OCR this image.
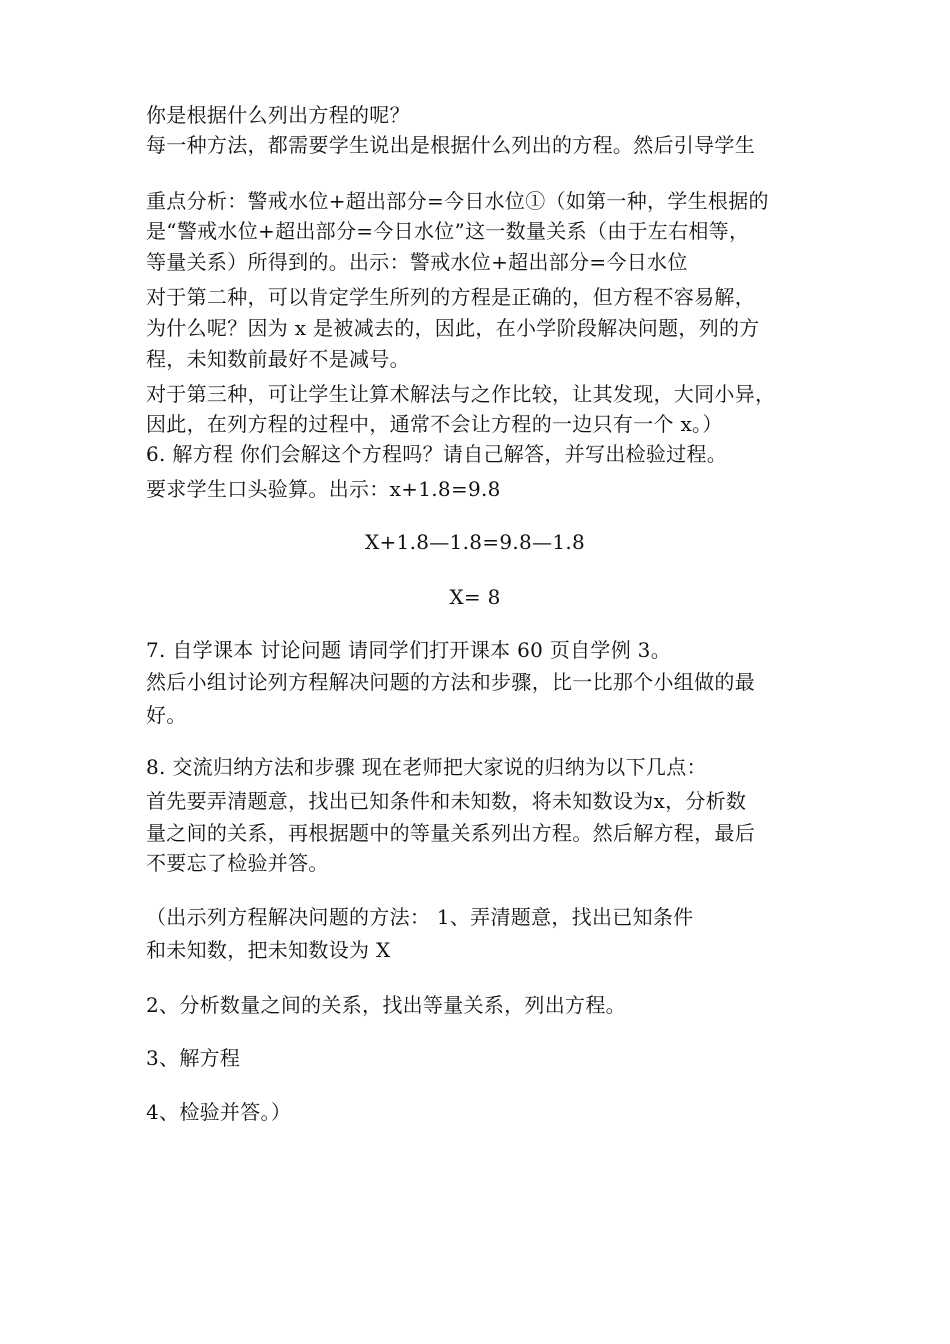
你是根据什么列出方程的呢？
每一种方法，都需要学生说出是根据什么列出的方程。然后引导学生
重点分析：警戒水位+超出部分=今日水位①（如第一种，学生根据的
是“警戒水位+超出部分=今日水位”这一数量关系（由于左右相等，
等量关系）所得到的。出示：警戒水位+超出部分=今日水位
对于第二种，可以肯定学生所列的方程是正确的，但方程不容易解，
为什么呢？因为 x 是被减去的，因此，在小学阶段解决问题，列的方
程，未知数前最好不是减号。
对于第三种，可让学生让算术解法与之作比较，让其发现，大同小异，
因此，在列方程的过程中，通常不会让方程的一边只有一个 x。）
6. 解方程 你们会解这个方程吗？请自己解答，并写出检验过程。
要求学生口头验算。出示：x+1.8=9.8
X+1.8—1.8=9.8—1.8
X= 8
7. 自学课本 讨论问题 请同学们打开课本 60 页自学例 3。
然后小组讨论列方程解决问题的方法和步骤，比一比那个小组做的最
好。
8. 交流归纳方法和步骤 现在老师把大家说的归纳为以下几点：
首先要弄清题意，找出已知条件和未知数，将未知数设为x，分析数
量之间的关系，再根据题中的等量关系列出方程。然后解方程，最后
不要忘了检验并答。
（出示列方程解决问题的方法： 1、弄清题意，找出已知条件
和未知数，把未知数设为 X
2、分析数量之间的关系，找出等量关系，列出方程。
3、解方程
4、检验并答。）
